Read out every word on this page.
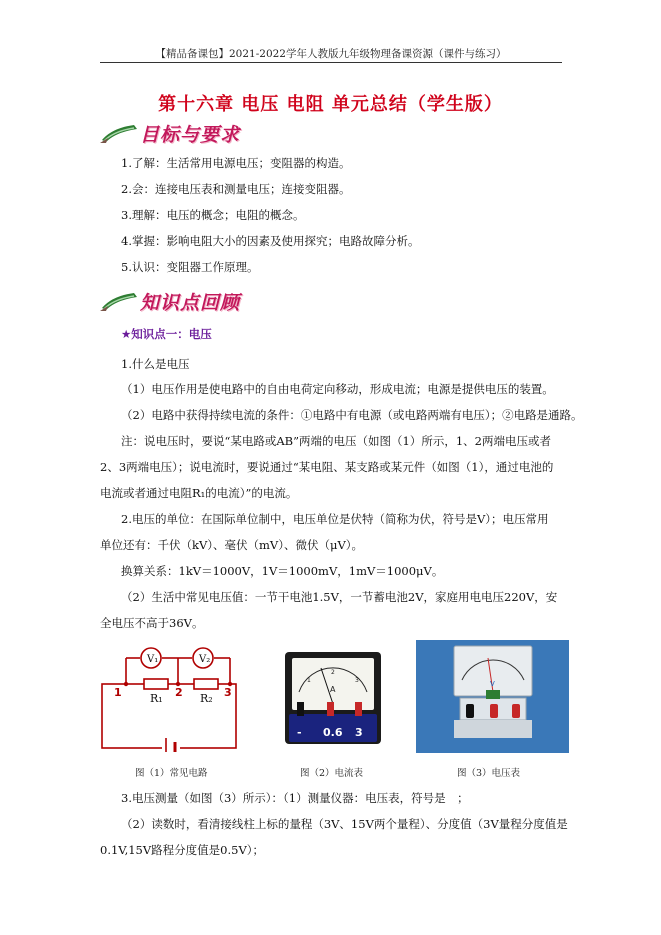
【精品备课包】2021-2022学年人教版九年级物理备课资源（课件与练习）
第十六章 电压 电阻 单元总结（学生版）
目标与要求
1.了解：生活常用电源电压；变阻器的构造。
2.会：连接电压表和测量电压；连接变阻器。
3.理解：电压的概念；电阻的概念。
4.掌握：影响电阻大小的因素及使用探究；电路故障分析。
5.认识：变阻器工作原理。
知识点回顾
★知识点一：电压
1.什么是电压
（1）电压作用是使电路中的自由电荷定向移动，形成电流；电源是提供电压的装置。
（2）电路中获得持续电流的条件：①电路中有电源（或电路两端有电压）；②电路是通路。
注：说电压时，要说“某电路或AB”两端的电压（如图（1）所示，1、2两端电压或者
2、3两端电压）；说电流时，要说通过“某电阻、某支路或某元件（如图（1），通过电池的
电流或者通过电阻R₁的电流）”的电流。
2.电压的单位：在国际单位制中，电压单位是伏特（简称为伏，符号是V）；电压常用
单位还有：千伏（kV）、毫伏（mV）、微伏（μV）。
换算关系：1kV＝1000V，1V＝1000mV，1mV＝1000μV。
（2）生活中常见电压值：一节干电池1.5V，一节蓄电池2V，家庭用电电压220V，安
全电压不高于36V。
V₁	V₂
R₁	R₂
1	2	3
图（1）常见电路
1
2
3
A
- 0.6 3
图（2）电流表
V
图（3）电压表
3.电压测量（如图（3）所示）：（1）测量仪器：电压表，符号是　；
（2）读数时，看清接线柱上标的量程（3V、15V两个量程）、分度值（3V量程分度值是
0.1V,15V路程分度值是0.5V）；
